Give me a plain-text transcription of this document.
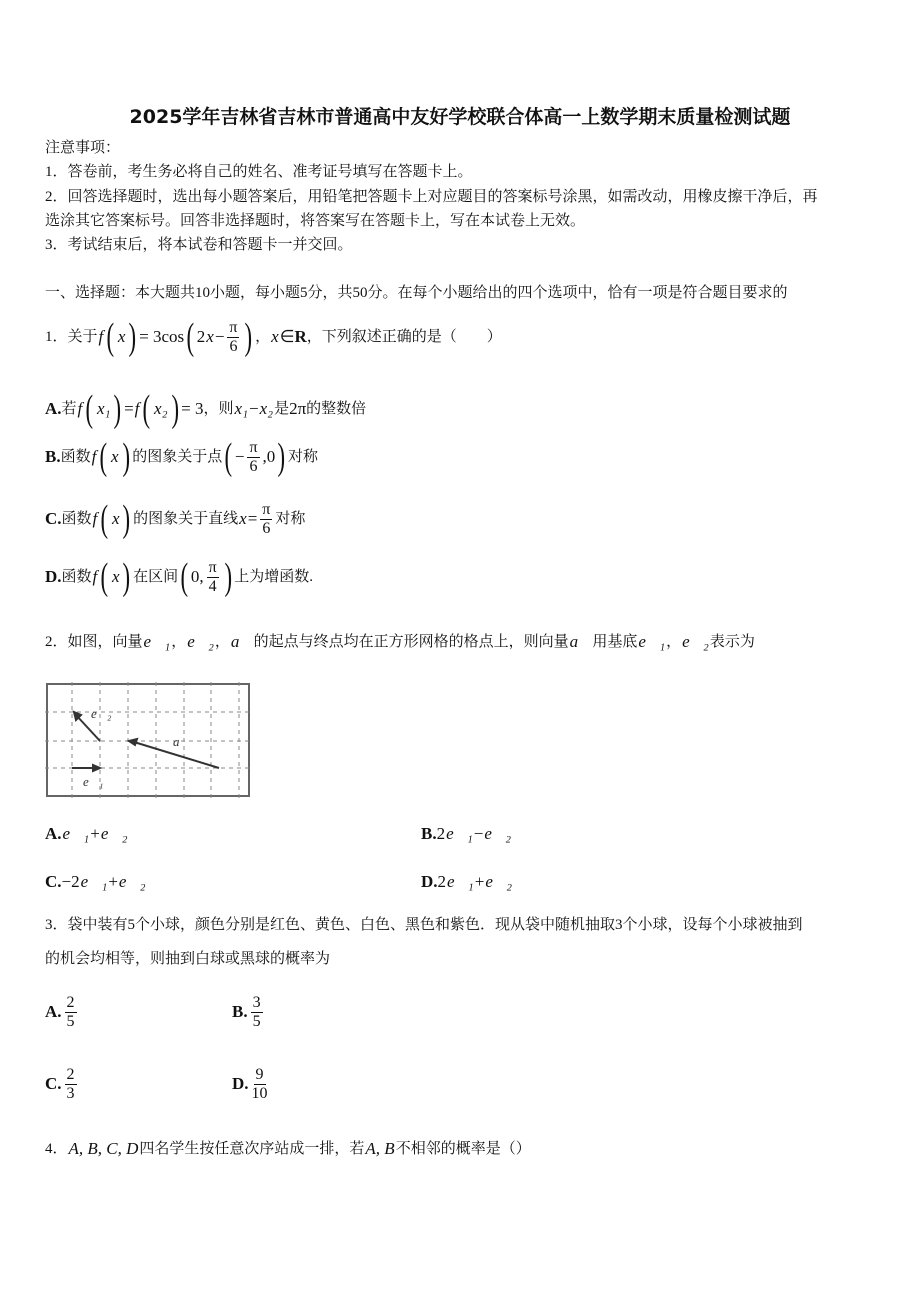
2025学年吉林省吉林市普通高中友好学校联合体高一上数学期末质量检测试题
注意事项：
1．答卷前，考生务必将自己的姓名、准考证号填写在答题卡上。
2．回答选择题时，选出每小题答案后，用铅笔把答题卡上对应题目的答案标号涂黑，如需改动，用橡皮擦干净后，再
选涂其它答案标号。回答非选择题时，将答案写在答题卡上，写在本试卷上无效。
3．考试结束后，将本试卷和答题卡一并交回。
一、选择题：本大题共10小题，每小题5分，共50分。在每个小题给出的四个选项中，恰有一项是符合题目要求的
1．关于 f ( x ) = 3cos ( 2 $x - \frac{\pi}{6}$ ) ， x ∈ R ，下列叙述正确的是（　　）
A. 若 f ( x₁ ) = f ( x₂ ) = 3 ，则 x₁ − x₂ 是 2π 的整数倍
B. 函数 f ( x ) 的图象关于点 ( − $\frac{\pi}{6} ,0$ ) 对称
C. 函数 f ( x ) 的图象关于直线 $x = \frac{\pi}{6}$ 对称
D. 函数 f ( x ) 在区间 ( 0, $\frac{\pi}{4}$ ) 上为增函数.
2．如图，向量 e⃗₁ ， e⃗₂ ， a⃗ 的起点与终点均在正方形网格的格点上，则向量 a⃗ 用基底 e⃗₁ ， e⃗₂ 表示为
e⃗₂
e⃗₁
a⃗
A. e⃗₁ + e⃗₂	B. 2 e⃗₁ − e⃗₂
C. −2 e⃗₁ + e⃗₂	D. 2 e⃗₁ + e⃗₂
3．袋中装有5个小球，颜色分别是红色、黄色、白色、黑色和紫色．现从袋中随机抽取3个小球，设每个小球被抽到
的机会均相等，则抽到白球或黑球的概率为
A. $\frac{2}{5}$	B. $\frac{3}{5}$
C. $\frac{2}{3}$	D. $\frac{9}{10}$
4． A, B, C, D 四名学生按任意次序站成一排，若 A, B 不相邻的概率是（）
